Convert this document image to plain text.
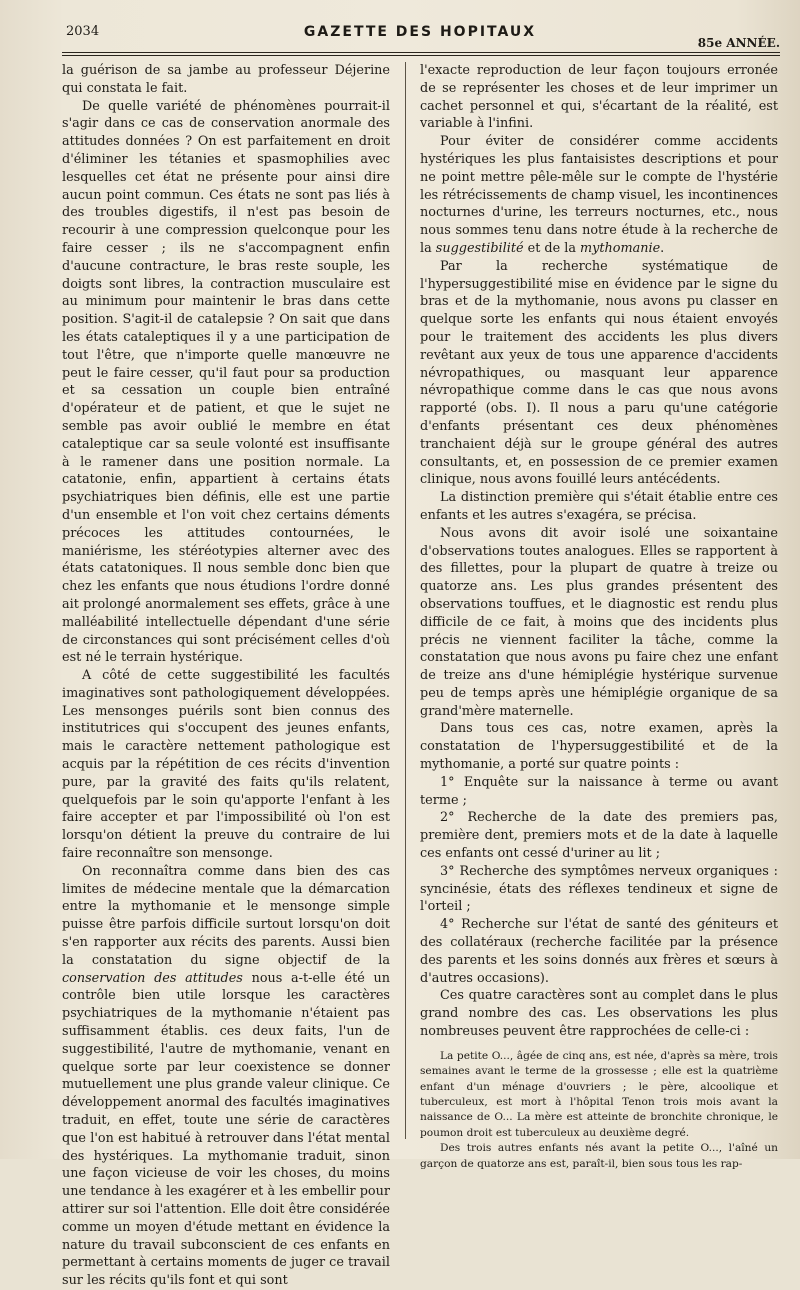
2034	GAZETTE DES HOPITAUX
85e ANNÉE.

la guérison de sa jambe au professeur Déjerine qui constata le fait.

De quelle variété de phénomènes pourrait-il s'agir dans ce cas de conservation anormale des attitudes données ? On est parfaitement en droit d'éliminer les tétanies et spasmophilies avec lesquelles cet état ne présente pour ainsi dire aucun point commun. Ces états ne sont pas liés à des troubles digestifs, il n'est pas besoin de recourir à une compression quelconque pour les faire cesser ; ils ne s'accompagnent enfin d'aucune contracture, le bras reste souple, les doigts sont libres, la contraction musculaire est au minimum pour maintenir le bras dans cette position. S'agit-il de catalepsie ? On sait que dans les états cataleptiques il y a une participation de tout l'être, que n'importe quelle manœuvre ne peut le faire cesser, qu'il faut pour sa production et sa cessation un couple bien entraîné d'opérateur et de patient, et que le sujet ne semble pas avoir oublié le membre en état cataleptique car sa seule volonté est insuffisante à le ramener dans une position normale. La catatonie, enfin, appartient à certains états psychiatriques bien définis, elle est une partie d'un ensemble et l'on voit chez certains déments précoces les attitudes contournées, le maniérisme, les stéréotypies alterner avec des états catatoniques. Il nous semble donc bien que chez les enfants que nous étudions l'ordre donné ait prolongé anormalement ses effets, grâce à une malléabilité intellectuelle dépendant d'une série de circonstances qui sont précisément celles d'où est né le terrain hystérique.

A côté de cette suggestibilité les facultés imaginatives sont pathologiquement développées. Les mensonges puérils sont bien connus des institutrices qui s'occupent des jeunes enfants, mais le caractère nettement pathologique est acquis par la répétition de ces récits d'invention pure, par la gravité des faits qu'ils relatent, quelquefois par le soin qu'apporte l'enfant à les faire accepter et par l'impossibilité où l'on est lorsqu'on détient la preuve du contraire de lui faire reconnaître son mensonge.

On reconnaîtra comme dans bien des cas limites de médecine mentale que la démarcation entre la mythomanie et le mensonge simple puisse être parfois difficile surtout lorsqu'on doit s'en rapporter aux récits des parents. Aussi bien la constatation du signe objectif de la conservation des attitudes nous a-t-elle été un contrôle bien utile lorsque les caractères psychiatriques de la mythomanie n'étaient pas suffisamment établis. ces deux faits, l'un de suggestibilité, l'autre de mythomanie, venant en quelque sorte par leur coexistence se donner mutuellement une plus grande valeur clinique. Ce développement anormal des facultés imaginatives traduit, en effet, toute une série de caractères que l'on est habitué à retrouver dans l'état mental des hystériques. La mythomanie traduit, sinon une façon vicieuse de voir les choses, du moins une tendance à les exagérer et à les embellir pour attirer sur soi l'attention. Elle doit être considérée comme un moyen d'étude mettant en évidence la nature du travail subconscient de ces enfants en permettant à certains moments de juger ce travail sur les récits qu'ils font et qui sont

l'exacte reproduction de leur façon toujours erronée de se représenter les choses et de leur imprimer un cachet personnel et qui, s'écartant de la réalité, est variable à l'infini.

Pour éviter de considérer comme accidents hystériques les plus fantaisistes descriptions et pour ne point mettre pêle-mêle sur le compte de l'hystérie les rétrécissements de champ visuel, les incontinences nocturnes d'urine, les terreurs nocturnes, etc., nous nous sommes tenu dans notre étude à la recherche de la suggestibilité et de la mythomanie.

Par la recherche systématique de l'hypersuggestibilité mise en évidence par le signe du bras et de la mythomanie, nous avons pu classer en quelque sorte les enfants qui nous étaient envoyés pour le traitement des accidents les plus divers revêtant aux yeux de tous une apparence d'accidents névropathiques, ou masquant leur apparence névropathique comme dans le cas que nous avons rapporté (obs. I). Il nous a paru qu'une catégorie d'enfants présentant ces deux phénomènes tranchaient déjà sur le groupe général des autres consultants, et, en possession de ce premier examen clinique, nous avons fouillé leurs antécédents.

La distinction première qui s'était établie entre ces enfants et les autres s'exagéra, se précisa.

Nous avons dit avoir isolé une soixantaine d'observations toutes analogues. Elles se rapportent à des fillettes, pour la plupart de quatre à treize ou quatorze ans. Les plus grandes présentent des observations touffues, et le diagnostic est rendu plus difficile de ce fait, à moins que des incidents plus précis ne viennent faciliter la tâche, comme la constatation que nous avons pu faire chez une enfant de treize ans d'une hémiplégie hystérique survenue peu de temps après une hémiplégie organique de sa grand'mère maternelle.

Dans tous ces cas, notre examen, après la constatation de l'hypersuggestibilité et de la mythomanie, a porté sur quatre points :

1° Enquête sur la naissance à terme ou avant terme ;

2° Recherche de la date des premiers pas, première dent, premiers mots et de la date à laquelle ces enfants ont cessé d'uriner au lit ;

3° Recherche des symptômes nerveux organiques : syncinésie, états des réflexes tendineux et signe de l'orteil ;

4° Recherche sur l'état de santé des géniteurs et des collatéraux (recherche facilitée par la présence des parents et les soins donnés aux frères et sœurs à d'autres occasions).

Ces quatre caractères sont au complet dans le plus grand nombre des cas. Les observations les plus nombreuses peuvent être rapprochées de celle-ci :

La petite O..., âgée de cinq ans, est née, d'après sa mère, trois semaines avant le terme de la grossesse ; elle est la quatrième enfant d'un ménage d'ouvriers ; le père, alcoolique et tuberculeux, est mort à l'hôpital Tenon trois mois avant la naissance de O... La mère est atteinte de bronchite chronique, le poumon droit est tuberculeux au deuxième degré.

Des trois autres enfants nés avant la petite O..., l'aîné un garçon de quatorze ans est, paraît-il, bien sous tous les rap-
